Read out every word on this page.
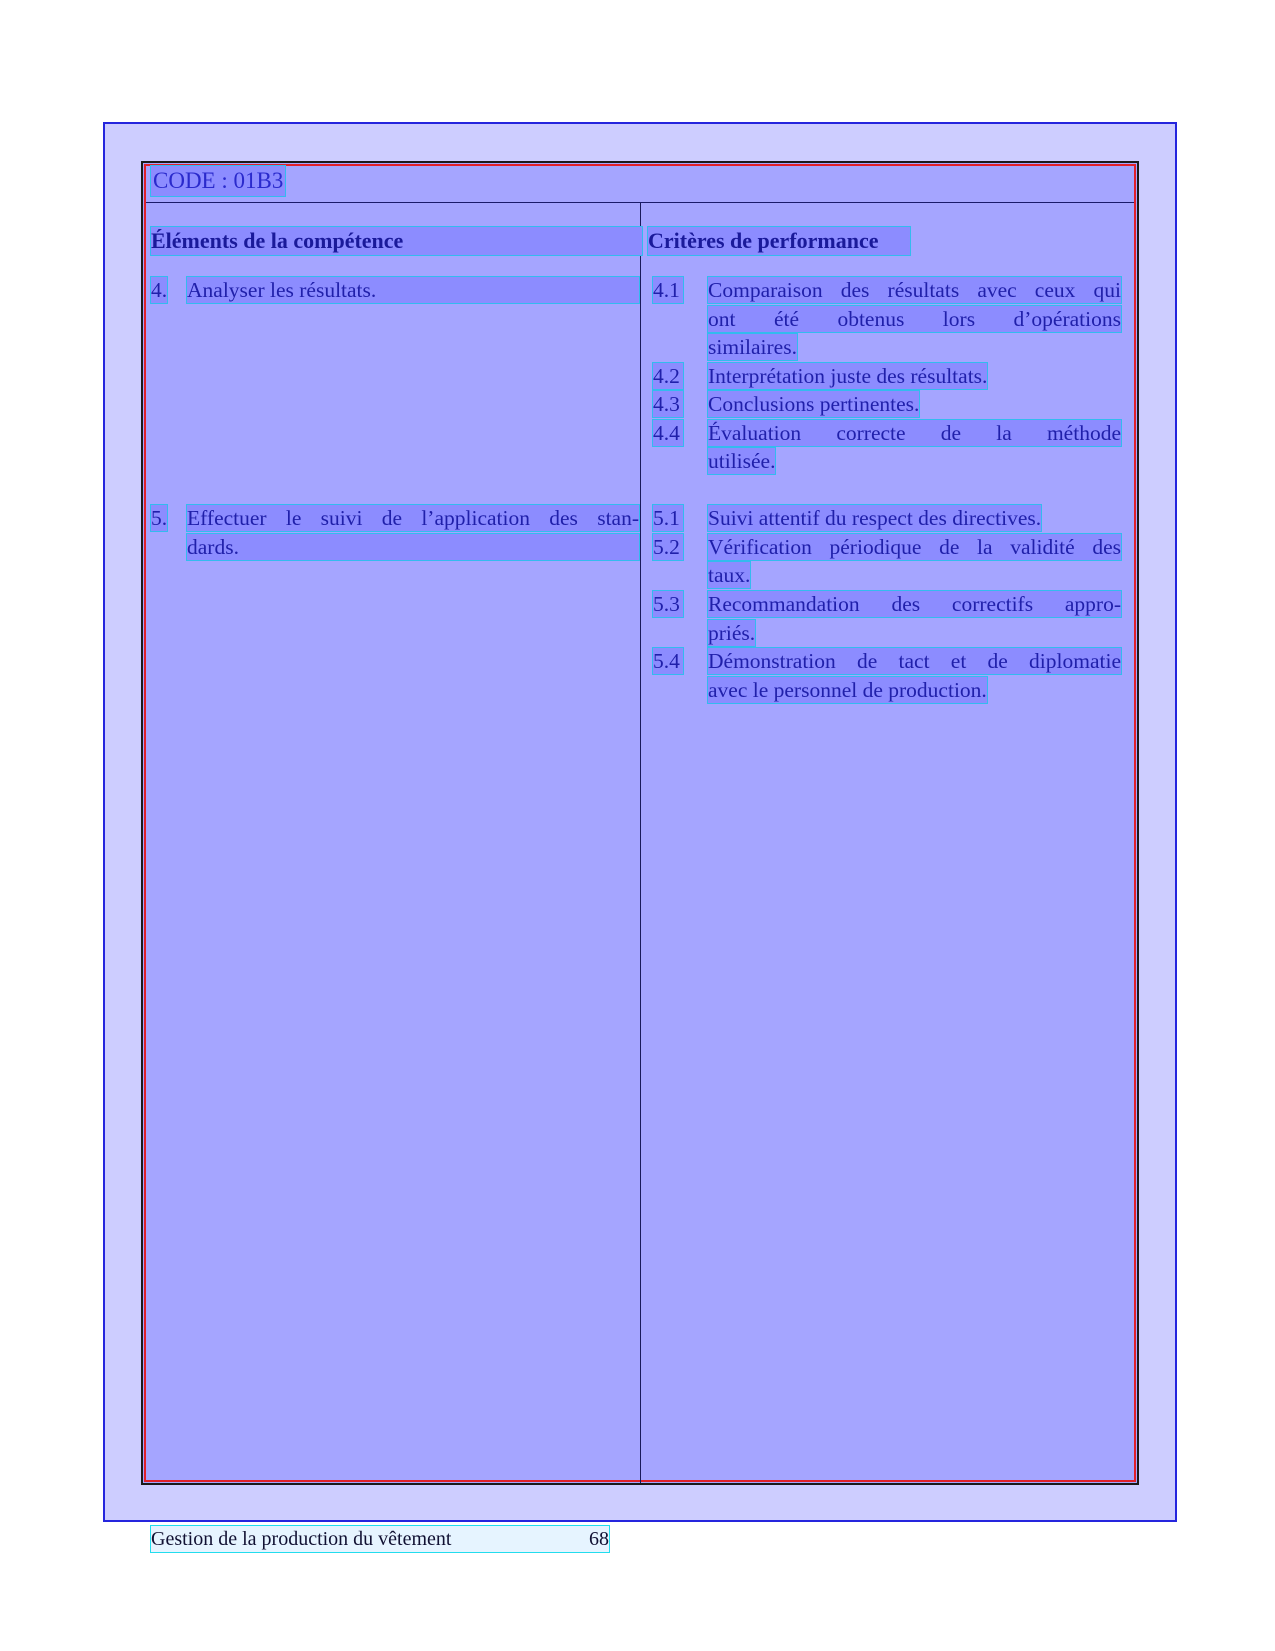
CODE : 01B3
Éléments de la compétence	Critères de performance
4. Analyser les résultats.
5. Effectuer le suivi de l’application des stan-
dards.
4.1 Comparaison des résultats avec ceux qui
ont été obtenus lors d’opérations
similaires.
4.2 Interprétation juste des résultats.
4.3 Conclusions pertinentes.
4.4 Évaluation correcte de la méthode
utilisée.
5.1 Suivi attentif du respect des directives.
5.2 Vérification périodique de la validité des
taux.
5.3 Recommandation des correctifs appro-
priés.
5.4 Démonstration de tact et de diplomatie
avec le personnel de production.
Gestion de la production du vêtement	68
